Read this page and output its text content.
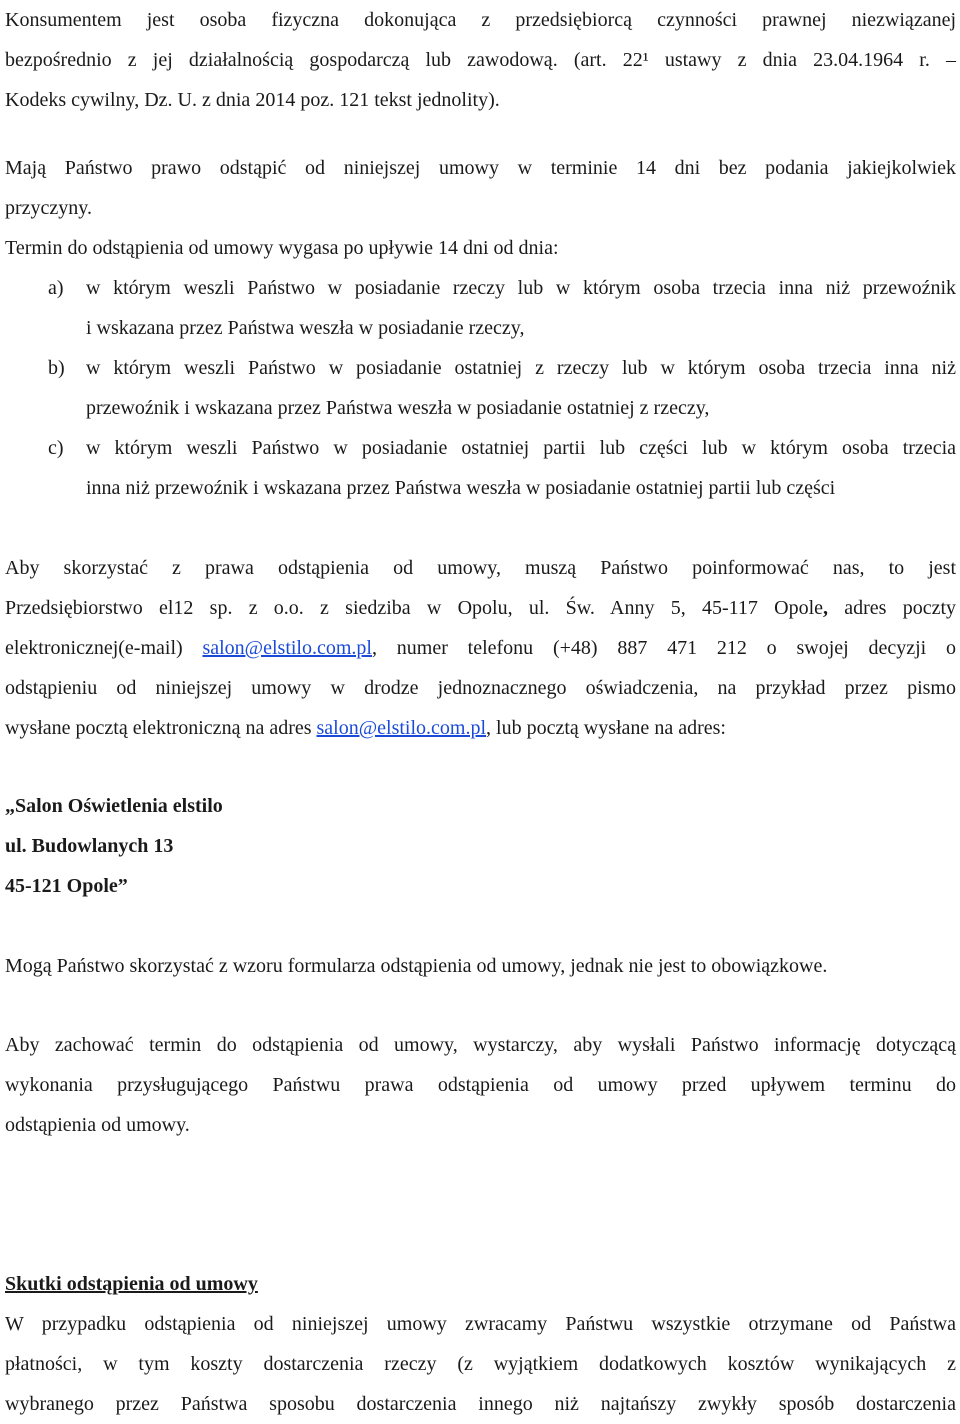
Konsumentem jest osoba fizyczna dokonująca z przedsiębiorcą czynności prawnej niezwiązanej
bezpośrednio z jej działalnością gospodarczą lub zawodową. (art. 22¹ ustawy z dnia 23.04.1964 r. –
Kodeks cywilny, Dz. U. z dnia 2014 poz. 121 tekst jednolity).
Mają Państwo prawo odstąpić od niniejszej umowy w terminie 14 dni bez podania jakiejkolwiek
przyczyny.
Termin do odstąpienia od umowy wygasa po upływie 14 dni od dnia:
a) w którym weszli Państwo w posiadanie rzeczy lub w którym osoba trzecia inna niż przewoźnik
i wskazana przez Państwa weszła w posiadanie rzeczy,
b) w którym weszli Państwo w posiadanie ostatniej z rzeczy lub w którym osoba trzecia inna niż
przewoźnik i wskazana przez Państwa weszła w posiadanie ostatniej z rzeczy,
c) w którym weszli Państwo w posiadanie ostatniej partii lub części lub w którym osoba trzecia
inna niż przewoźnik i wskazana przez Państwa weszła w posiadanie ostatniej partii lub części
Aby skorzystać z prawa odstąpienia od umowy, muszą Państwo poinformować nas, to jest
Przedsiębiorstwo el12 sp. z o.o. z siedziba w Opolu, ul. Św. Anny 5, 45-117 Opole, adres poczty
elektronicznej(e-mail) salon@elstilo.com.pl, numer telefonu (+48) 887 471 212 o swojej decyzji o
odstąpieniu od niniejszej umowy w drodze jednoznacznego oświadczenia, na przykład przez pismo
wysłane pocztą elektroniczną na adres salon@elstilo.com.pl, lub pocztą wysłane na adres:
„Salon Oświetlenia elstilo
ul. Budowlanych 13
45-121 Opole”
Mogą Państwo skorzystać z wzoru formularza odstąpienia od umowy, jednak nie jest to obowiązkowe.
Aby zachować termin do odstąpienia od umowy, wystarczy, aby wysłali Państwo informację dotyczącą
wykonania przysługującego Państwu prawa odstąpienia od umowy przed upływem terminu do
odstąpienia od umowy.
Skutki odstąpienia od umowy
W przypadku odstąpienia od niniejszej umowy zwracamy Państwu wszystkie otrzymane od Państwa
płatności, w tym koszty dostarczenia rzeczy (z wyjątkiem dodatkowych kosztów wynikających z
wybranego przez Państwa sposobu dostarczenia innego niż najtańszy zwykły sposób dostarczenia
